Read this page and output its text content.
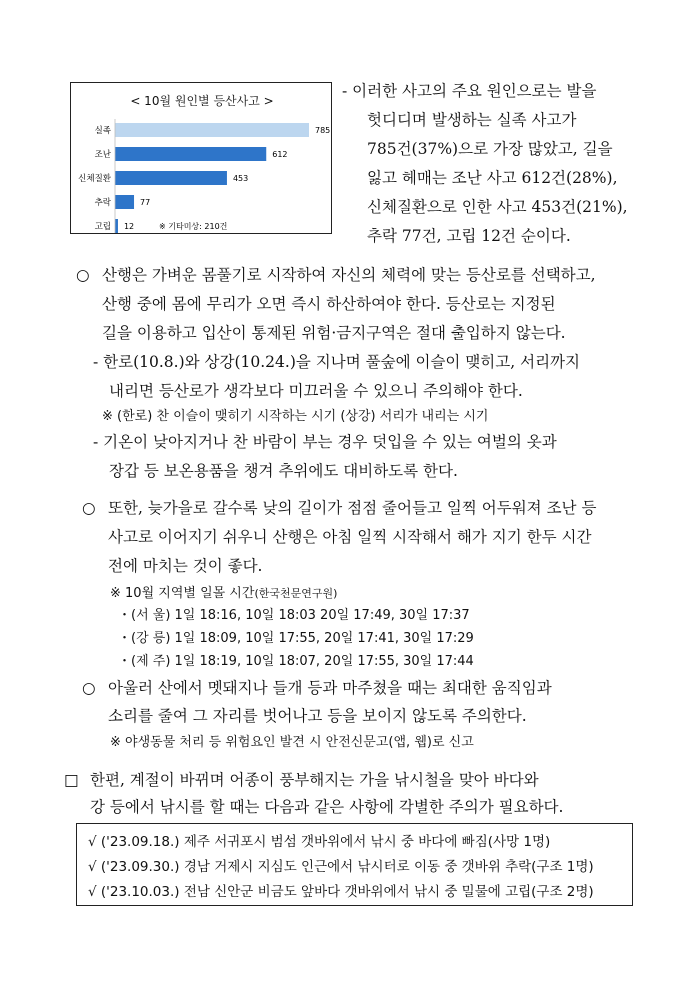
< 10월 원인별 등산사고 >
실족	785
조난	612
신체질환	453
추락	77
고립 12	※ 기타미상: 210건
- 이러한 사고의 주요 원인으로는 발을
헛디디며 발생하는 실족 사고가
785건(37%)으로 가장 많았고, 길을
잃고 헤매는 조난 사고 612건(28%),
신체질환으로 인한 사고 453건(21%),
추락 77건, 고립 12건 순이다.
○ 산행은 가벼운 몸풀기로 시작하여 자신의 체력에 맞는 등산로를 선택하고,
산행 중에 몸에 무리가 오면 즉시 하산하여야 한다. 등산로는 지정된
길을 이용하고 입산이 통제된 위험·금지구역은 절대 출입하지 않는다.
- 한로(10.8.)와 상강(10.24.)을 지나며 풀숲에 이슬이 맺히고, 서리까지
내리면 등산로가 생각보다 미끄러울 수 있으니 주의해야 한다.
※ (한로) 찬 이슬이 맺히기 시작하는 시기 (상강) 서리가 내리는 시기
- 기온이 낮아지거나 찬 바람이 부는 경우 덧입을 수 있는 여벌의 옷과
장갑 등 보온용품을 챙겨 추위에도 대비하도록 한다.
○ 또한, 늦가을로 갈수록 낮의 길이가 점점 줄어들고 일찍 어두워져 조난 등
사고로 이어지기 쉬우니 산행은 아침 일찍 시작해서 해가 지기 한두 시간
전에 마치는 것이 좋다.
※ 10월 지역별 일몰 시간(한국천문연구원)
・(서 울) 1일 18:16, 10일 18:03 20일 17:49, 30일 17:37
・(강 릉) 1일 18:09, 10일 17:55, 20일 17:41, 30일 17:29
・(제 주) 1일 18:19, 10일 18:07, 20일 17:55, 30일 17:44
○ 아울러 산에서 멧돼지나 들개 등과 마주쳤을 때는 최대한 움직임과
소리를 줄여 그 자리를 벗어나고 등을 보이지 않도록 주의한다.
※ 야생동물 처리 등 위험요인 발견 시 안전신문고(앱, 웹)로 신고
□ 한편, 계절이 바뀌며 어종이 풍부해지는 가을 낚시철을 맞아 바다와
강 등에서 낚시를 할 때는 다음과 같은 사항에 각별한 주의가 필요하다.
√ ('23.09.18.) 제주 서귀포시 범섬 갯바위에서 낚시 중 바다에 빠짐(사망 1명)
√ ('23.09.30.) 경남 거제시 지심도 인근에서 낚시터로 이동 중 갯바위 추락(구조 1명)
√ ('23.10.03.) 전남 신안군 비금도 앞바다 갯바위에서 낚시 중 밀물에 고립(구조 2명)
